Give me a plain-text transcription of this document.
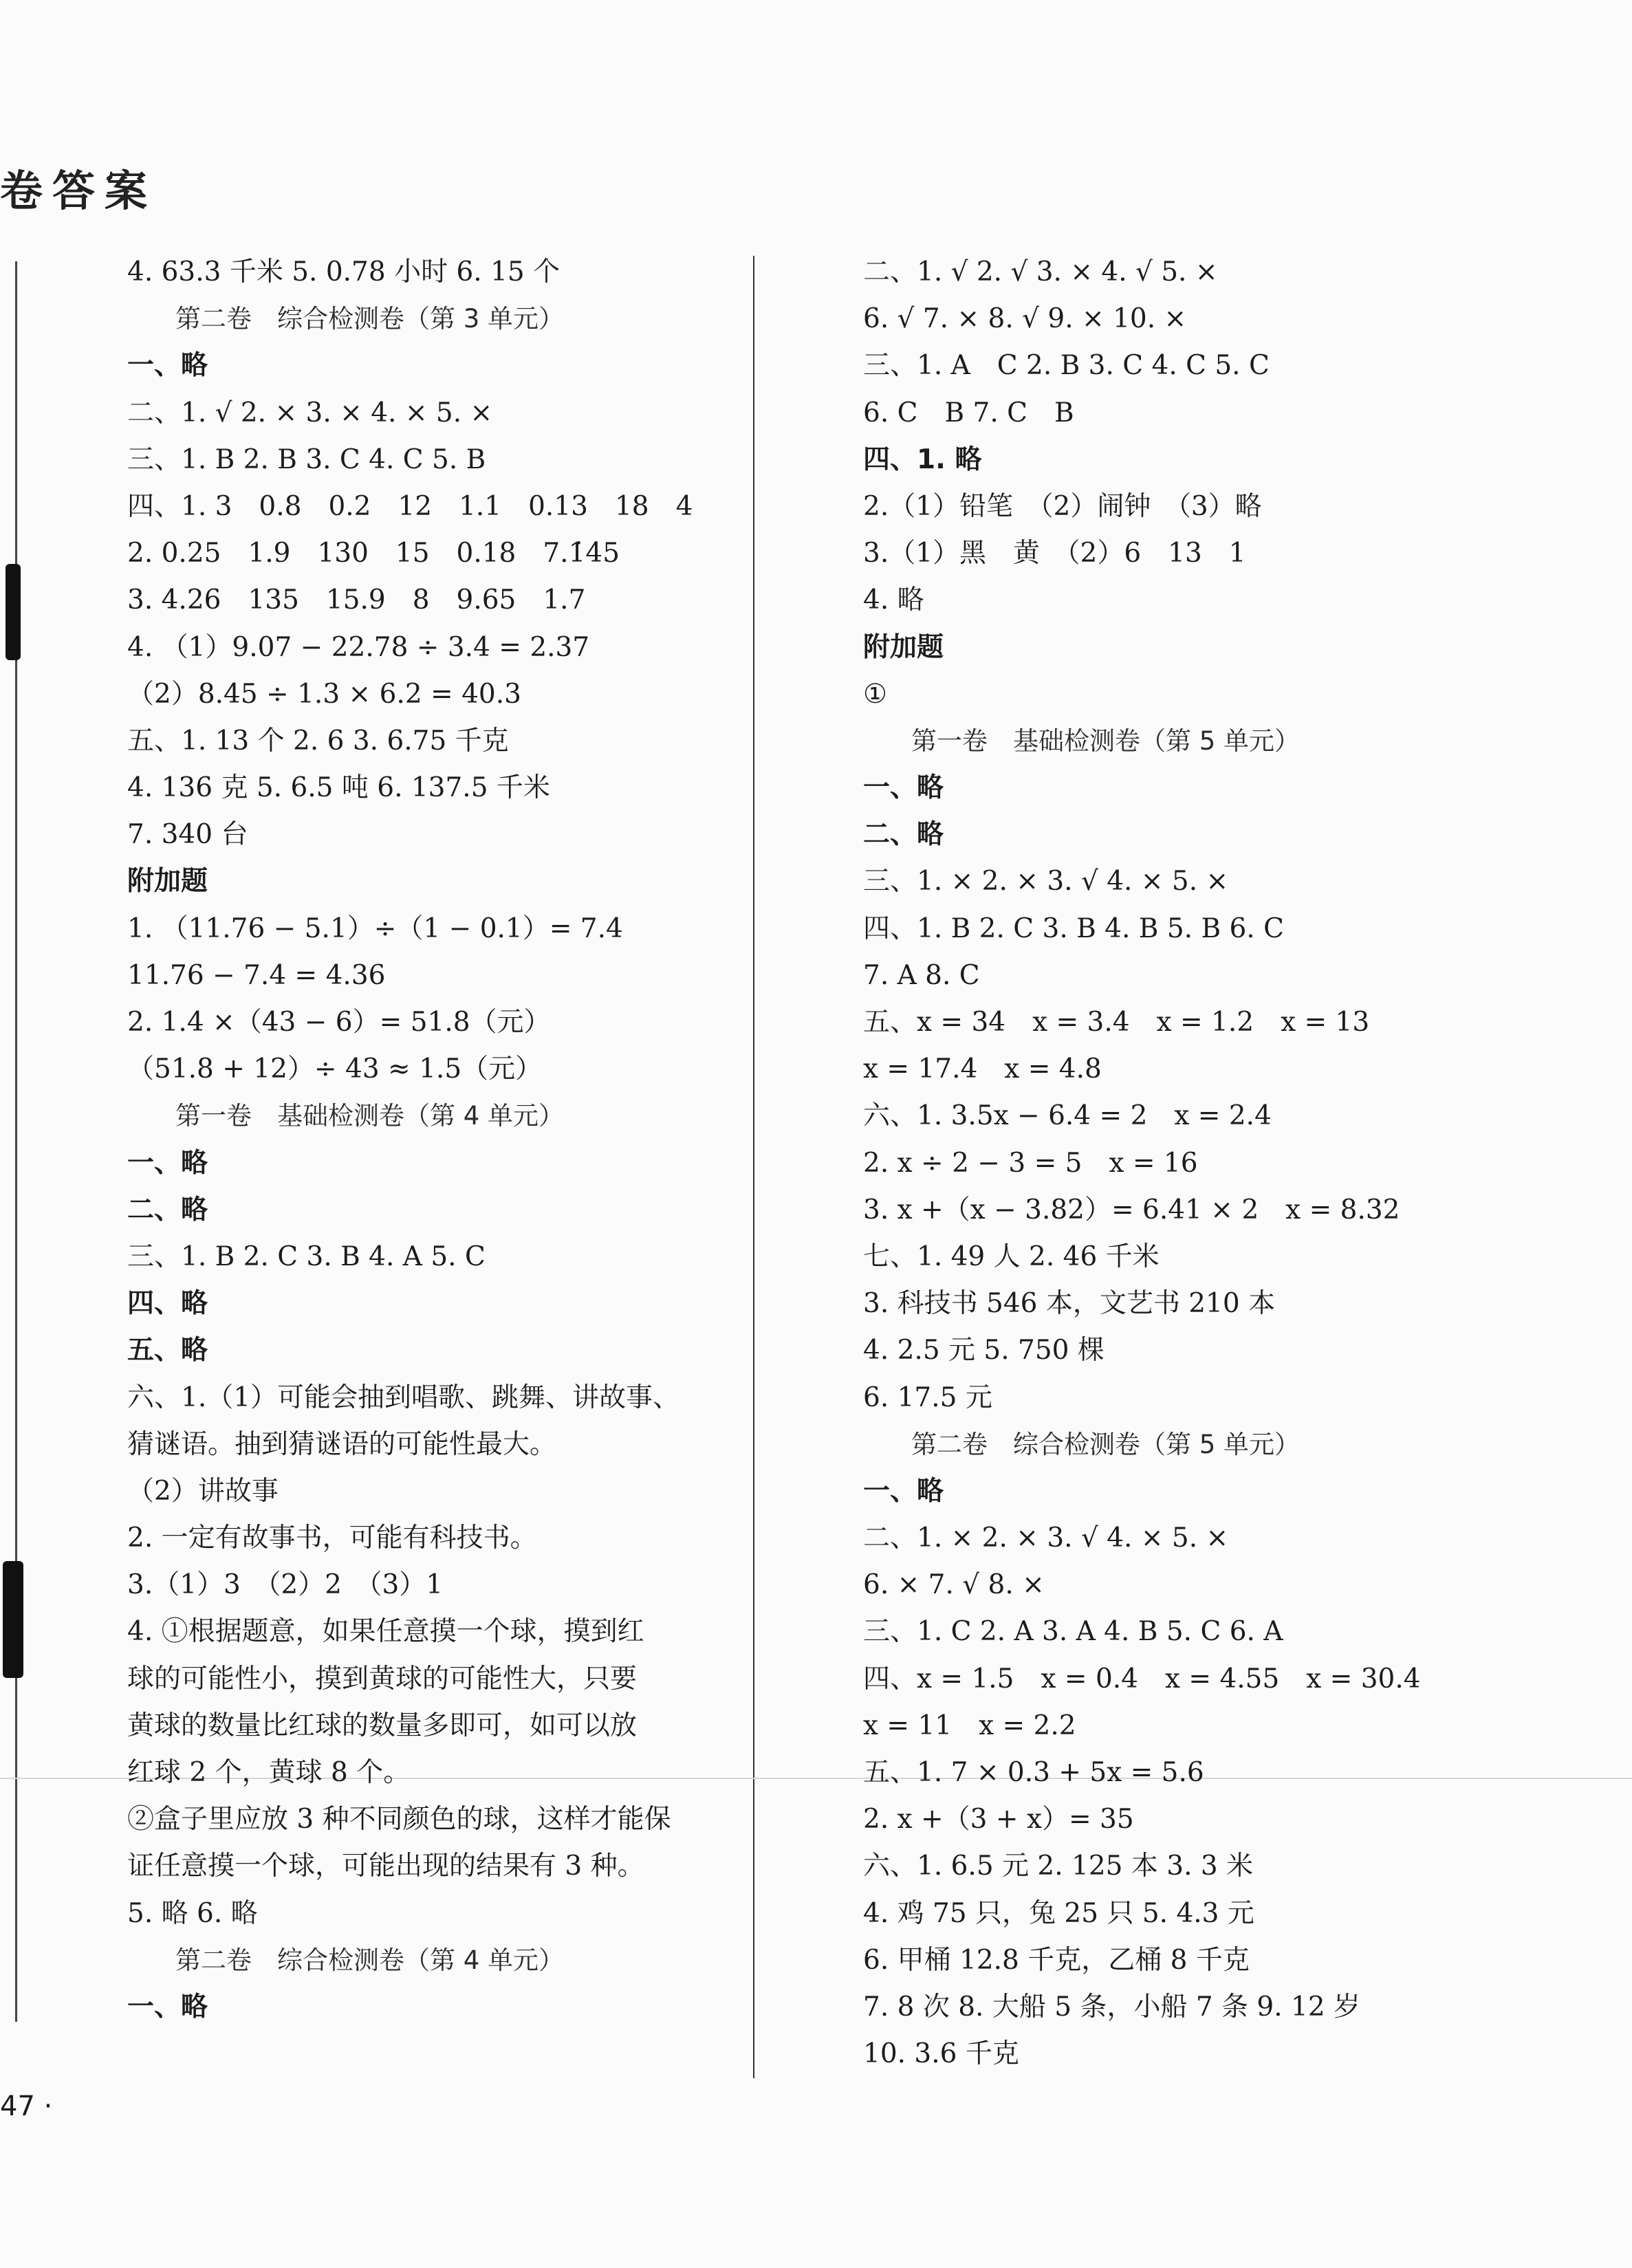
卷答案
4. 63.3 千米 5. 0.78 小时 6. 15 个
第二卷　综合检测卷（第 3 单元）
一、略
二、1. √ 2. × 3. × 4. × 5. ×
三、1. B 2. B 3. C 4. C 5. B
四、1. 3　0.8　0.2　12　1.1　0.13　18　4
2. 0.25　1.9　130　15　0.18　7.1̇4̇5
3. 4.26　135　15.9　8　9.65　1.7
4. （1）9.07 − 22.78 ÷ 3.4 = 2.37
（2）8.45 ÷ 1.3 × 6.2 = 40.3
五、1. 13 个 2. 6 3. 6.75 千克
4. 136 克 5. 6.5 吨 6. 137.5 千米
7. 340 台
附加题
1. （11.76 − 5.1）÷（1 − 0.1）= 7.4
11.76 − 7.4 = 4.36
2. 1.4 ×（43 − 6）= 51.8（元）
（51.8 + 12）÷ 43 ≈ 1.5（元）
第一卷　基础检测卷（第 4 单元）
一、略
二、略
三、1. B 2. C 3. B 4. A 5. C
四、略
五、略
六、1.（1）可能会抽到唱歌、跳舞、讲故事、
猜谜语。抽到猜谜语的可能性最大。
（2）讲故事
2. 一定有故事书，可能有科技书。
3.（1）3　（2）2　（3）1
4. ①根据题意，如果任意摸一个球，摸到红
球的可能性小，摸到黄球的可能性大，只要
黄球的数量比红球的数量多即可，如可以放
红球 2 个，黄球 8 个。
②盒子里应放 3 种不同颜色的球，这样才能保
证任意摸一个球，可能出现的结果有 3 种。
5. 略 6. 略
第二卷　综合检测卷（第 4 单元）
一、略
二、1. √ 2. √ 3. × 4. √ 5. ×
6. √ 7. × 8. √ 9. × 10. ×
三、1. A　C 2. B 3. C 4. C 5. C
6. C　B 7. C　B
四、1. 略
2.（1）铅笔　（2）闹钟　（3）略
3.（1）黑　黄　（2）6　13　1
4. 略
附加题
①
第一卷　基础检测卷（第 5 单元）
一、略
二、略
三、1. × 2. × 3. √ 4. × 5. ×
四、1. B 2. C 3. B 4. B 5. B 6. C
7. A 8. C
五、x = 34　x = 3.4　x = 1.2　x = 13
x = 17.4　x = 4.8
六、1. 3.5x − 6.4 = 2　x = 2.4
2. x ÷ 2 − 3 = 5　x = 16
3. x +（x − 3.82）= 6.41 × 2　x = 8.32
七、1. 49 人 2. 46 千米
3. 科技书 546 本，文艺书 210 本
4. 2.5 元 5. 750 棵
6. 17.5 元
第二卷　综合检测卷（第 5 单元）
一、略
二、1. × 2. × 3. √ 4. × 5. ×
6. × 7. √ 8. ×
三、1. C 2. A 3. A 4. B 5. C 6. A
四、x = 1.5　x = 0.4　x = 4.55　x = 30.4
x = 11　x = 2.2
五、1. 7 × 0.3 + 5x = 5.6
2. x +（3 + x）= 35
六、1. 6.5 元 2. 125 本 3. 3 米
4. 鸡 75 只，兔 25 只 5. 4.3 元
6. 甲桶 12.8 千克，乙桶 8 千克
7. 8 次 8. 大船 5 条，小船 7 条 9. 12 岁
10. 3.6 千克
47 ·
